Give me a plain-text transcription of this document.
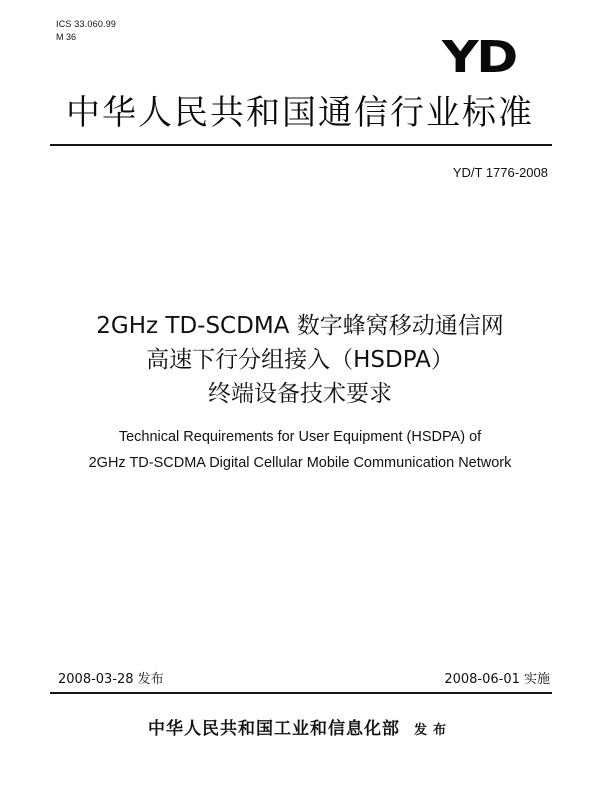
ICS 33.060.99
M 36	YD
中华人民共和国通信行业标准
YD/T 1776-2008
2GHz TD-SCDMA 数字蜂窝移动通信网
高速下行分组接入（HSDPA）
终端设备技术要求
Technical Requirements for User Equipment (HSDPA) of
2GHz TD-SCDMA Digital Cellular Mobile Communication Network
2008-03-28 发布	2008-06-01 实施
中华人民共和国工业和信息化部 发布
